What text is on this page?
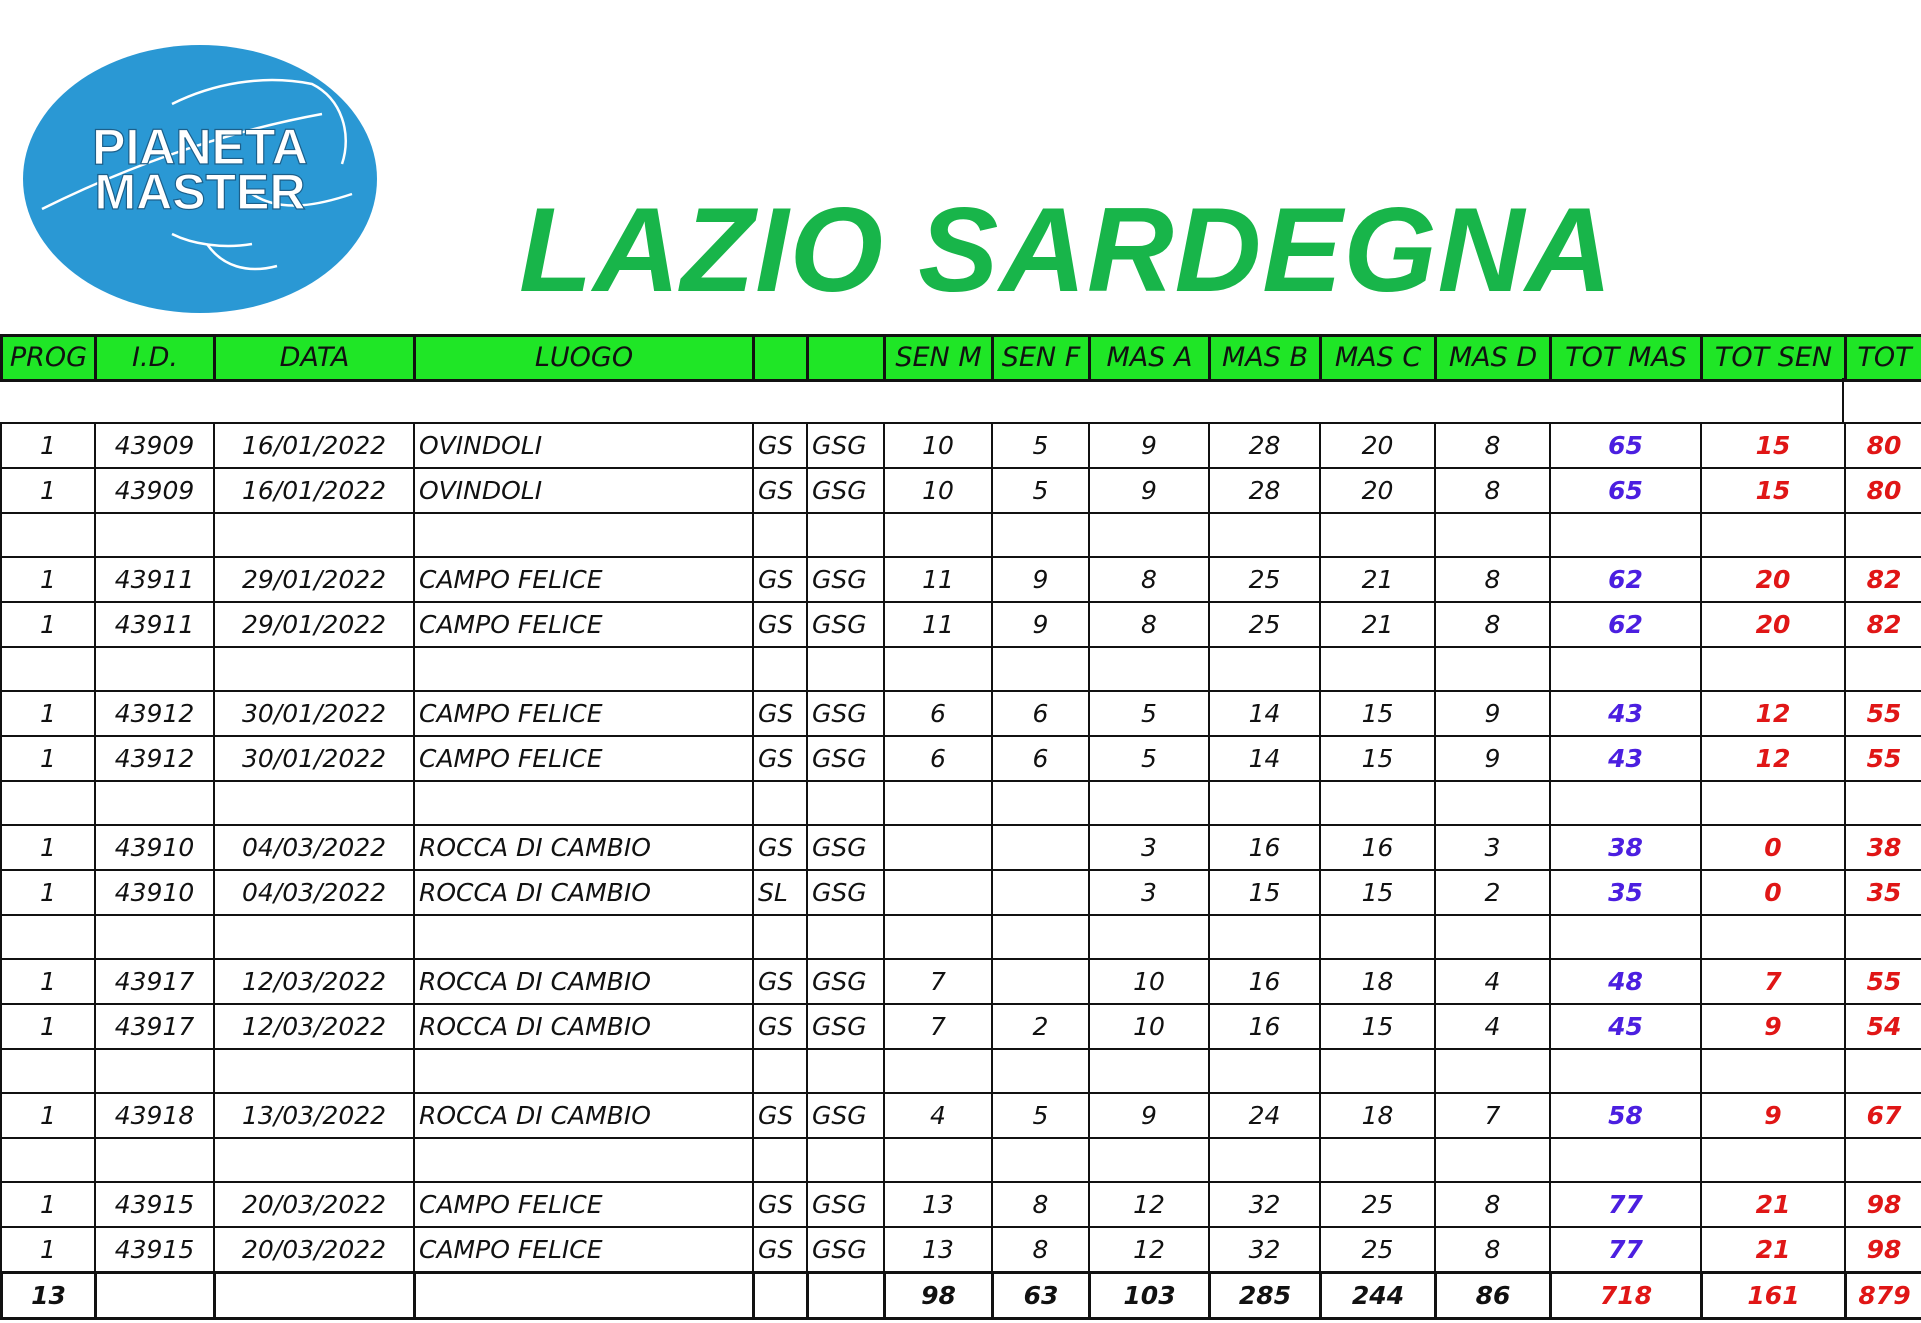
PIANETA
MASTER LAZIO SARDEGNA
PROG	I.D.	DATA	LUOGO			SEN M	SEN F	MAS A	MAS B	MAS C	MAS D	TOT MAS	TOT SEN	TOT
1	43909	16/01/2022	OVINDOLI	GS	GSG	10	5	9	28	20	8	65	15	80
1	43909	16/01/2022	OVINDOLI	GS	GSG	10	5	9	28	20	8	65	15	80

1	43911	29/01/2022	CAMPO FELICE	GS	GSG	11	9	8	25	21	8	62	20	82
1	43911	29/01/2022	CAMPO FELICE	GS	GSG	11	9	8	25	21	8	62	20	82

1	43912	30/01/2022	CAMPO FELICE	GS	GSG	6	6	5	14	15	9	43	12	55
1	43912	30/01/2022	CAMPO FELICE	GS	GSG	6	6	5	14	15	9	43	12	55

1	43910	04/03/2022	ROCCA DI CAMBIO	GS	GSG			3	16	16	3	38	0	38
1	43910	04/03/2022	ROCCA DI CAMBIO	SL	GSG			3	15	15	2	35	0	35

1	43917	12/03/2022	ROCCA DI CAMBIO	GS	GSG	7		10	16	18	4	48	7	55
1	43917	12/03/2022	ROCCA DI CAMBIO	GS	GSG	7	2	10	16	15	4	45	9	54

1	43918	13/03/2022	ROCCA DI CAMBIO	GS	GSG	4	5	9	24	18	7	58	9	67

1	43915	20/03/2022	CAMPO FELICE	GS	GSG	13	8	12	32	25	8	77	21	98
1	43915	20/03/2022	CAMPO FELICE	GS	GSG	13	8	12	32	25	8	77	21	98
13						98	63	103	285	244	86	718	161	879
